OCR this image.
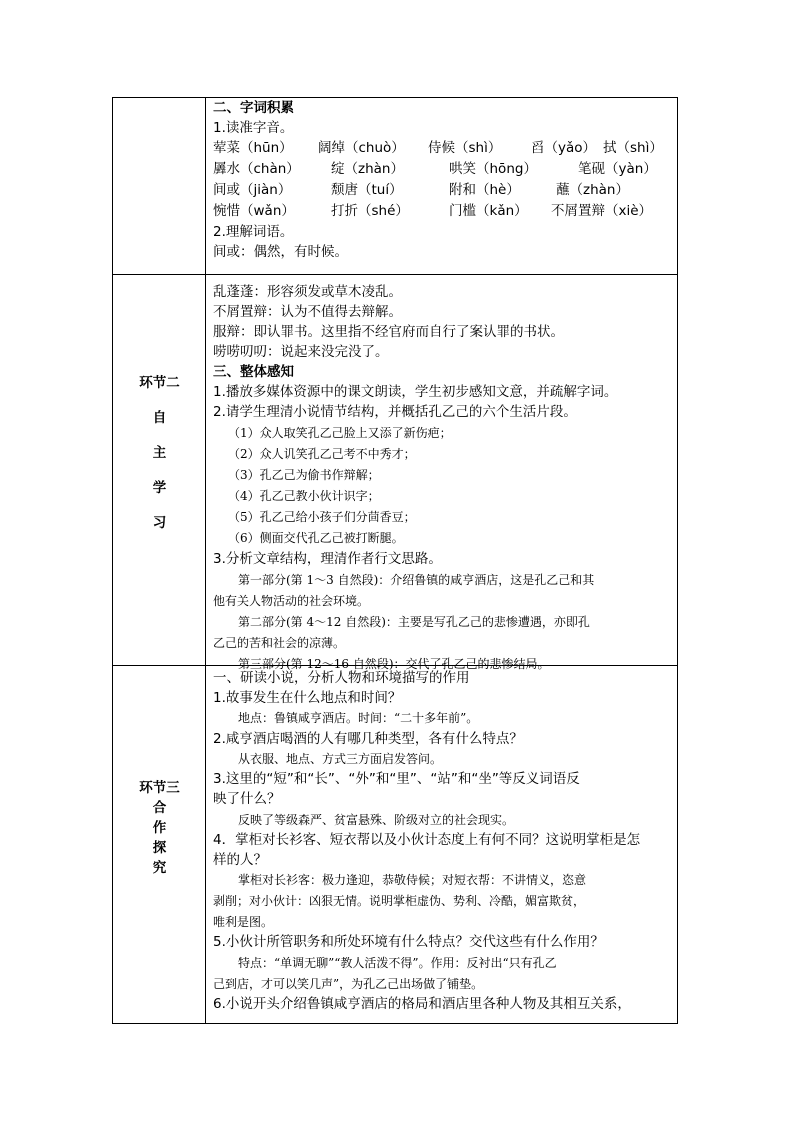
二、字词积累
1.读准字音。
荤菜（hūn） 阔绰（chuò） 侍候（shì） 舀（yǎo） 拭（shì）
羼水（chàn） 绽（zhàn）	哄笑（hōng）	笔砚（yàn）
间或（jiàn）	颓唐（tuí）	附和（hè）	蘸（zhàn）
惋惜（wǎn）	打折（shé）	门槛（kǎn） 不屑置辩（xiè）
2.理解词语。
间或：偶然，有时候。
环节二
自
主
学
习
乱蓬蓬：形容须发或草木凌乱。
不屑置辩：认为不值得去辩解。
服辩：即认罪书。这里指不经官府而自行了案认罪的书状。
唠唠叨叨：说起来没完没了。
三、整体感知
1.播放多媒体资源中的课文朗读，学生初步感知文意，并疏解字词。
2.请学生理清小说情节结构，并概括孔乙己的六个生活片段。
（1）众人取笑孔乙己脸上又添了新伤疤；
（2）众人讥笑孔乙己考不中秀才；
（3）孔乙己为偷书作辩解；
（4）孔乙己教小伙计识字；
（5）孔乙己给小孩子们分茴香豆；
（6）侧面交代孔乙己被打断腿。
3.分析文章结构，理清作者行文思路。
第一部分(第 1～3 自然段)：介绍鲁镇的咸亨酒店，这是孔乙己和其
他有关人物活动的社会环境。
第二部分(第 4～12 自然段)：主要是写孔乙己的悲惨遭遇，亦即孔
乙己的苦和社会的凉薄。
第三部分(第 12～16 自然段)：交代了孔乙己的悲惨结局。
环节三
合
作
探
究
一、研读小说，分析人物和环境描写的作用
1.故事发生在什么地点和时间？
地点：鲁镇咸亨酒店。时间：“二十多年前”。
2.咸亨酒店喝酒的人有哪几种类型，各有什么特点？
从衣服、地点、方式三方面启发答问。
3.这里的“短”和“长”、“外”和“里”、“站”和“坐”等反义词语反
映了什么？
反映了等级森严、贫富悬殊、阶级对立的社会现实。
4．掌柜对长衫客、短衣帮以及小伙计态度上有何不同？这说明掌柜是怎
样的人？
掌柜对长衫客：极力逢迎，恭敬侍候；对短衣帮：不讲情义，恣意
剥削；对小伙计：凶狠无情。说明掌柜虚伪、势利、冷酷，媚富欺贫，
唯利是图。
5.小伙计所管职务和所处环境有什么特点？交代这些有什么作用？
特点：“单调无聊”“教人活泼不得”。作用：反衬出“只有孔乙
己到店，才可以笑几声”，为孔乙己出场做了铺垫。
6.小说开头介绍鲁镇咸亨酒店的格局和酒店里各种人物及其相互关系，
